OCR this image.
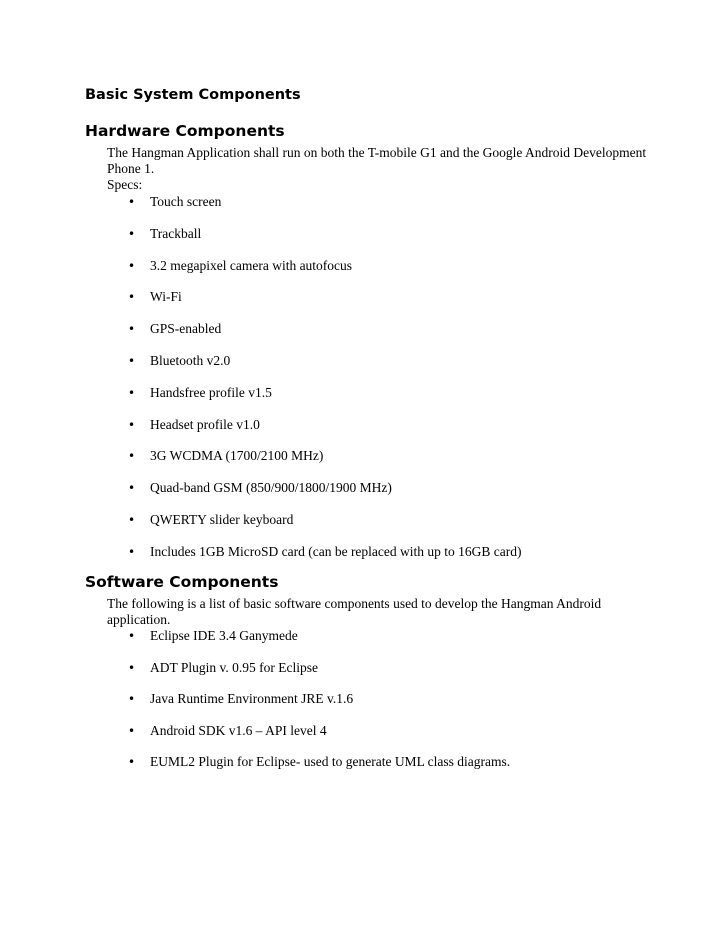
Basic System Components
Hardware Components

The Hangman Application shall run on both the T-mobile G1 and the Google Android Development Phone 1.

Specs:

• Touch screen
• Trackball
• 3.2 megapixel camera with autofocus
• Wi-Fi
• GPS-enabled
• Bluetooth v2.0
• Handsfree profile v1.5
• Headset profile v1.0
• 3G WCDMA (1700/2100 MHz)
• Quad-band GSM (850/900/1800/1900 MHz)
• QWERTY slider keyboard
• Includes 1GB MicroSD card (can be replaced with up to 16GB card)
Software Components

The following is a list of basic software components used to develop the Hangman Android application.

• Eclipse IDE 3.4 Ganymede
• ADT Plugin v. 0.95 for Eclipse
• Java Runtime Environment JRE v.1.6
• Android SDK v1.6 – API level 4
• EUML2 Plugin for Eclipse- used to generate UML class diagrams.
